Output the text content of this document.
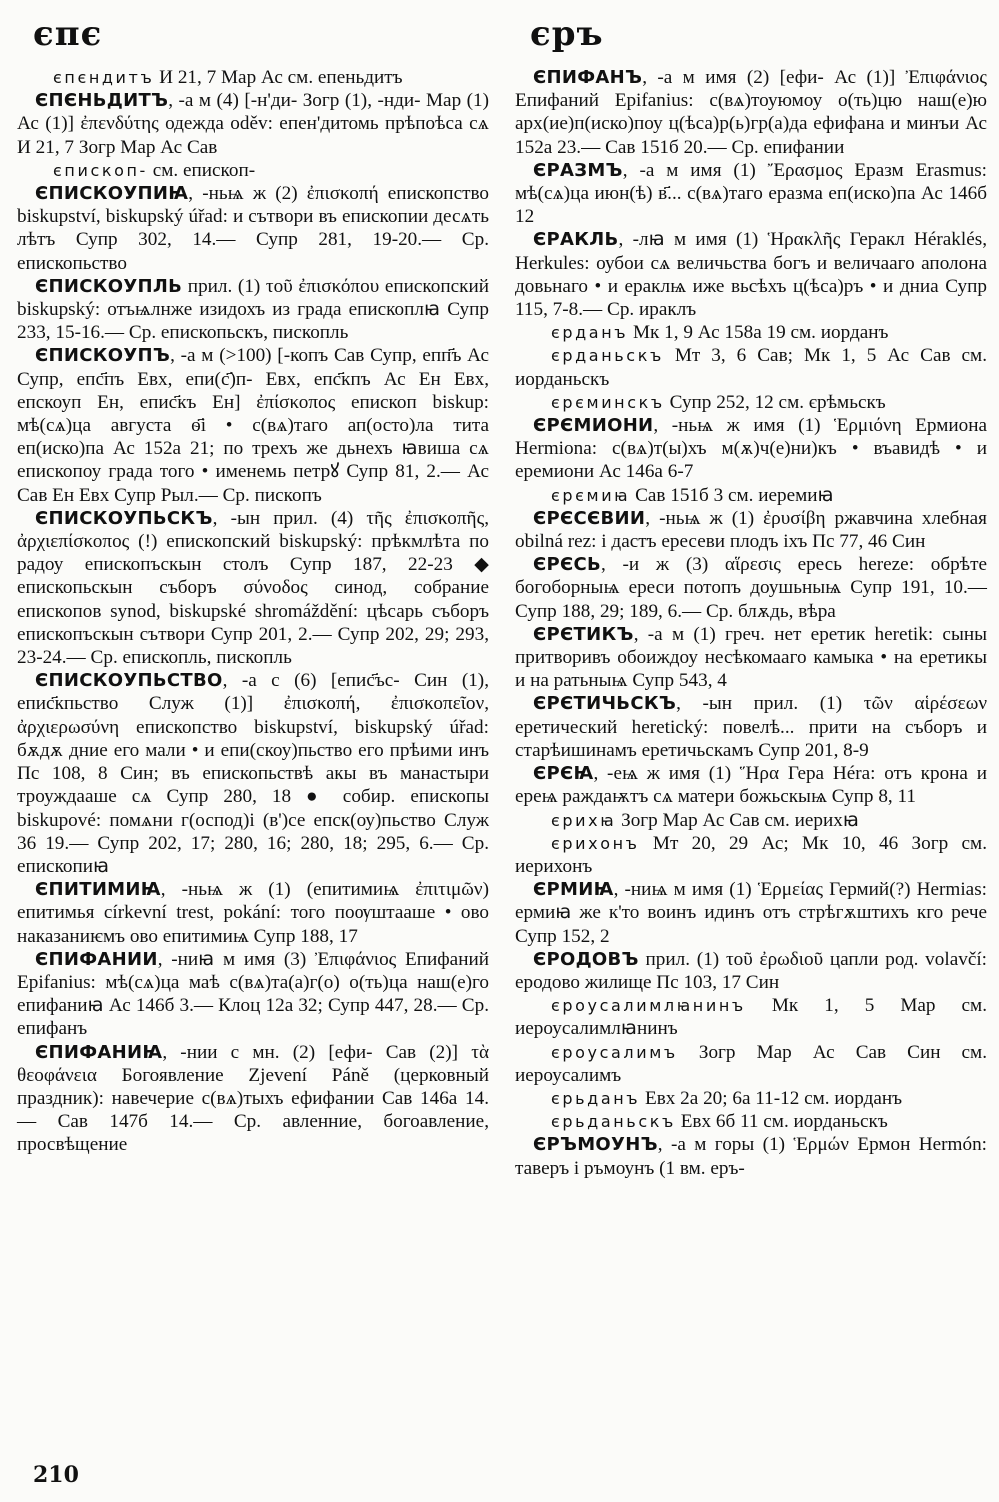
єпє	єръ

єпєндитъ И 21, 7 Мар Ас см. епеньдитъ

ЄПЄНЬДИТЪ, -а м (4) [-н'ди- Зогр (1), -нди- Мар (1) Ас (1)] ἐπενδύτης одежда oděv: епен'дитомь прѣпоѣса сѧ И 21, 7 Зогр Мар Ас Сав

єпископ- см. епископ-

ЄПИСКОУПИꙖ, -ньѩ ж (2) ἐπισκοπή епископство biskupství, biskupský úřad: и сътвори въ епископии десѧть лѣтъ Супр 302, 14.— Супр 281, 19-20.— Ср. епископьство

ЄПИСКОУПЛЬ прил. (1) τοῦ ἐπισκόπου епископский biskupský: отъѩлнже изидохъ из града епископлꙗ Супр 233, 15-16.— Ср. епископьскъ, пископль

ЄПИСКОУПЪ, -а м (>100) [-копъ Сав Супр, епп҃ъ Ас Супр, епс҃пъ Евх, епи(с҃)п- Евх, епс҃кпъ Ас Ен Евх, епскоуп Ен, епис҃къ Ен] ἐπίσκοπος епископ biskup: мѣ(сѧ)ца августа ѳ҃і • с(вѧ)таго ап(осто)ла тита еп(иско)па Ас 152а 21; по трехъ же дьнехъ ꙗвиша сѧ епископоу града того • именемь петрꙋ Супр 81, 2.— Ас Сав Ен Евх Супр Рыл.— Ср. пископъ

ЄПИСКОУПЬСКЪ, -ын прил. (4) τῆς ἐπισκοπῆς, ἀρχιεπίσκοπος (!) епископский biskupský: прѣкмлѣта по радоу епископъскын столъ Супр 187, 22-23 ◆ епископьскын съборъ σύνοδος синод, собрание епископов synod, biskupské shromáždění: цѣсарь съборъ епископъскын сътвори Супр 201, 2.— Супр 202, 29; 293, 23-24.— Ср. епископль, пископль

ЄПИСКОУПЬСТВО, -а с (6) [епис҃ъс- Син (1), епис҃кпьство Служ (1)] ἐπισκοπή, ἐπισκοπεῖον, ἀρχιερωσύνη епископство biskupství, biskupský úřad: бѫдѫ дние его мали • и епи(скоу)пьство его прѣими инъ Пс 108, 8 Син; въ епископьствѣ акы въ манастыри троуждааше сѧ Супр 280, 18 ● собир. епископы biskupové: помѧни г(оспод)і (в')се епск(оу)пьство Служ 36 19.— Супр 202, 17; 280, 16; 280, 18; 295, 6.— Ср. епископиꙗ

ЄПИТИМИꙖ, -ньѩ ж (1) (епитимиѩ ἐπιτιμῶν) епитимья církevní trest, pokání: того поѹштааше • ово наказаниѥмъ ово епитимиѩ Супр 188, 17

ЄПИФАНИИ, -ниꙗ м имя (3) Ἐπιφάνιος Епифаний Epifanius: мѣ(сѧ)ца маѣ с(вѧ)та(а)г(о) о(ть)ца наш(е)го епифаниꙗ Ас 146б 3.— Клоц 12а 32; Супр 447, 28.— Ср. епифанъ

ЄПИФАНИꙖ, -нии с мн. (2) [ефи- Сав (2)] τὰ θεοφάνεια Богоявление Zjevení Páně (церковный праздник): навечерие с(вѧ)тыхъ ефифании Сав 146а 14.— Сав 147б 14.— Ср. авленние, богоавление, просвѣщение

ЄПИФАНЪ, -а м имя (2) [ефи- Ас (1)] Ἐπιφάνιος Епифаний Epifanius: с(вѧ)тоуюмоу о(ть)цю наш(е)ю арх(ие)п(иско)поу ц(ѣса)р(ь)гр(а)да ефифана и минъи Ас 152а 23.— Сав 151б 20.— Ср. епифании

ЄРАЗМЪ, -а м имя (1) Ἔρασμος Еразм Erasmus: мѣ(сѧ)ца июн(ѣ) в҃... с(вѧ)таго еразма еп(иско)па Ас 146б 12

ЄРАКЛЬ, -лꙗ м имя (1) Ἡρακλῆς Геракл Héraklés, Herkules: оубои сѧ величьства богъ и величааго аполона довьнаго • и ераклѩ иже вьсѣхъ ц(ѣса)ръ • и дниа Супр 115, 7-8.— Ср. ираклъ

єрданъ Мк 1, 9 Ас 158а 19 см. иорданъ

єрданьскъ Мт 3, 6 Сав; Мк 1, 5 Ас Сав см. иорданьскъ

єрєминскъ Супр 252, 12 см. єрѣмьскъ

ЄРЄМИОНИ, -ньѩ ж имя (1) Ἑρμιόνη Ермиона Hermiona: с(вѧ)т(ы)хъ м(ѫ)ч(е)ни)къ • въавидѣ • и еремиони Ас 146а 6-7

єрємиꙗ Сав 151б 3 см. иеремиꙗ

ЄРЄСЄВИИ, -ньѩ ж (1) ἐρυσίβη ржавчина хлебная obilná rez: і дастъ ересеви плодъ іхъ Пс 77, 46 Син

ЄРЄСЬ, -и ж (3) αἵρεσις ересь hereze: обрѣте богоборныѩ ереси потопъ доушьныѩ Супр 191, 10.— Супр 188, 29; 189, 6.— Ср. блѫдь, вѣра

ЄРЄТИКЪ, -а м (1) греч. нет еретик heretik: сыны притворивъ обоиждоу несѣкомааго камыка • на еретикы и на ратьныѩ Супр 543, 4

ЄРЄТИЧЬСКЪ, -ын прил. (1) τῶν αἱρέσεων еретический heretický: повелѣ... прити на съборъ и старѣишинамъ еретичьскамъ Супр 201, 8-9

ЄРЄꙖ, -еѩ ж имя (1) Ἥρα Гера Héra: отъ крона и ереѩ раждаѭтъ сѧ матери божьскыѩ Супр 8, 11

єрихꙗ Зогр Мар Ас Сав см. иерихꙗ

єрихонъ Мт 20, 29 Ас; Мк 10, 46 Зогр см. иерихонъ

ЄРМИꙖ, -ниѩ м имя (1) Ἑρμείας Гермий(?) Hermias: ермиꙗ же к'то воинъ идинъ отъ стрѣгѫштихъ кго рече Супр 152, 2

ЄРОДОВЪ прил. (1) τοῦ ἐρωδιοῦ цапли род. volavčí: еродово жилище Пс 103, 17 Син

єроусалимлꙗнинъ Мк 1, 5 Мар см. иероусалимлꙗнинъ

єроусалимъ Зогр Мар Ас Сав Син см. иероусалимъ

єрьданъ Евх 2а 20; 6а 11-12 см. иорданъ

єрьданьскъ Евх 6б 11 см. иорданьскъ

ЄРЪМОУНЪ, -а м горы (1) Ἑρμών Ермон Hermón: таверъ і ръмоунъ (1 вм. еръ-

210
